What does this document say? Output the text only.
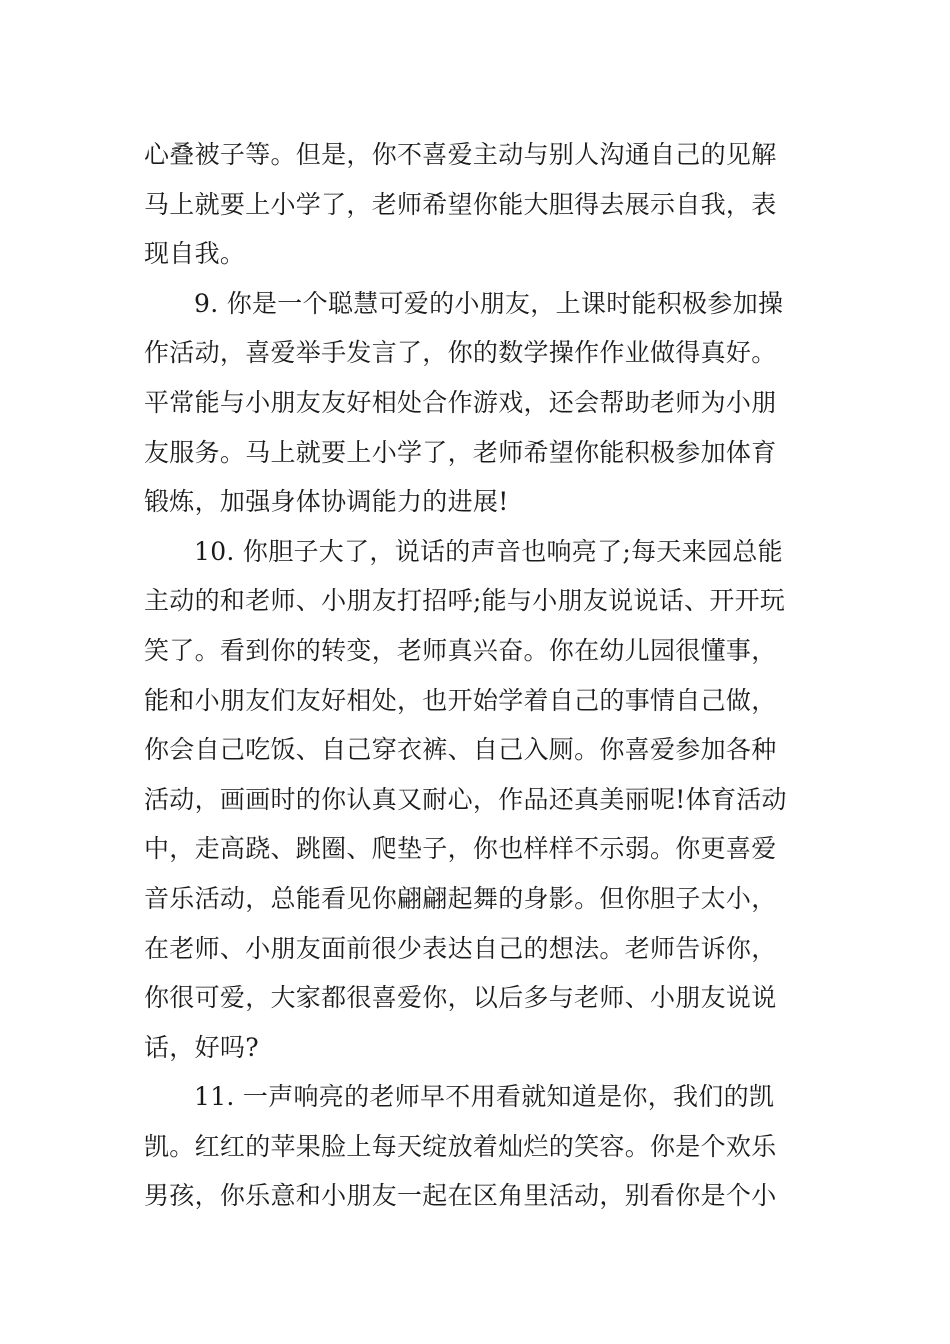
心叠被子等。但是，你不喜爱主动与别人沟通自己的见解
马上就要上小学了，老师希望你能大胆得去展示自我，表
现自我。
9. 你是一个聪慧可爱的小朋友，上课时能积极参加操
作活动，喜爱举手发言了，你的数学操作作业做得真好。
平常能与小朋友友好相处合作游戏，还会帮助老师为小朋
友服务。马上就要上小学了，老师希望你能积极参加体育
锻炼，加强身体协调能力的进展!
10. 你胆子大了，说话的声音也响亮了;每天来园总能
主动的和老师、小朋友打招呼;能与小朋友说说话、开开玩
笑了。看到你的转变，老师真兴奋。你在幼儿园很懂事，
能和小朋友们友好相处，也开始学着自己的事情自己做，
你会自己吃饭、自己穿衣裤、自己入厕。你喜爱参加各种
活动，画画时的你认真又耐心，作品还真美丽呢!体育活动
中，走高跷、跳圈、爬垫子，你也样样不示弱。你更喜爱
音乐活动，总能看见你翩翩起舞的身影。但你胆子太小，
在老师、小朋友面前很少表达自己的想法。老师告诉你，
你很可爱，大家都很喜爱你，以后多与老师、小朋友说说
话，好吗?
11. 一声响亮的老师早不用看就知道是你，我们的凯
凯。红红的苹果脸上每天绽放着灿烂的笑容。你是个欢乐
男孩，你乐意和小朋友一起在区角里活动，别看你是个小
